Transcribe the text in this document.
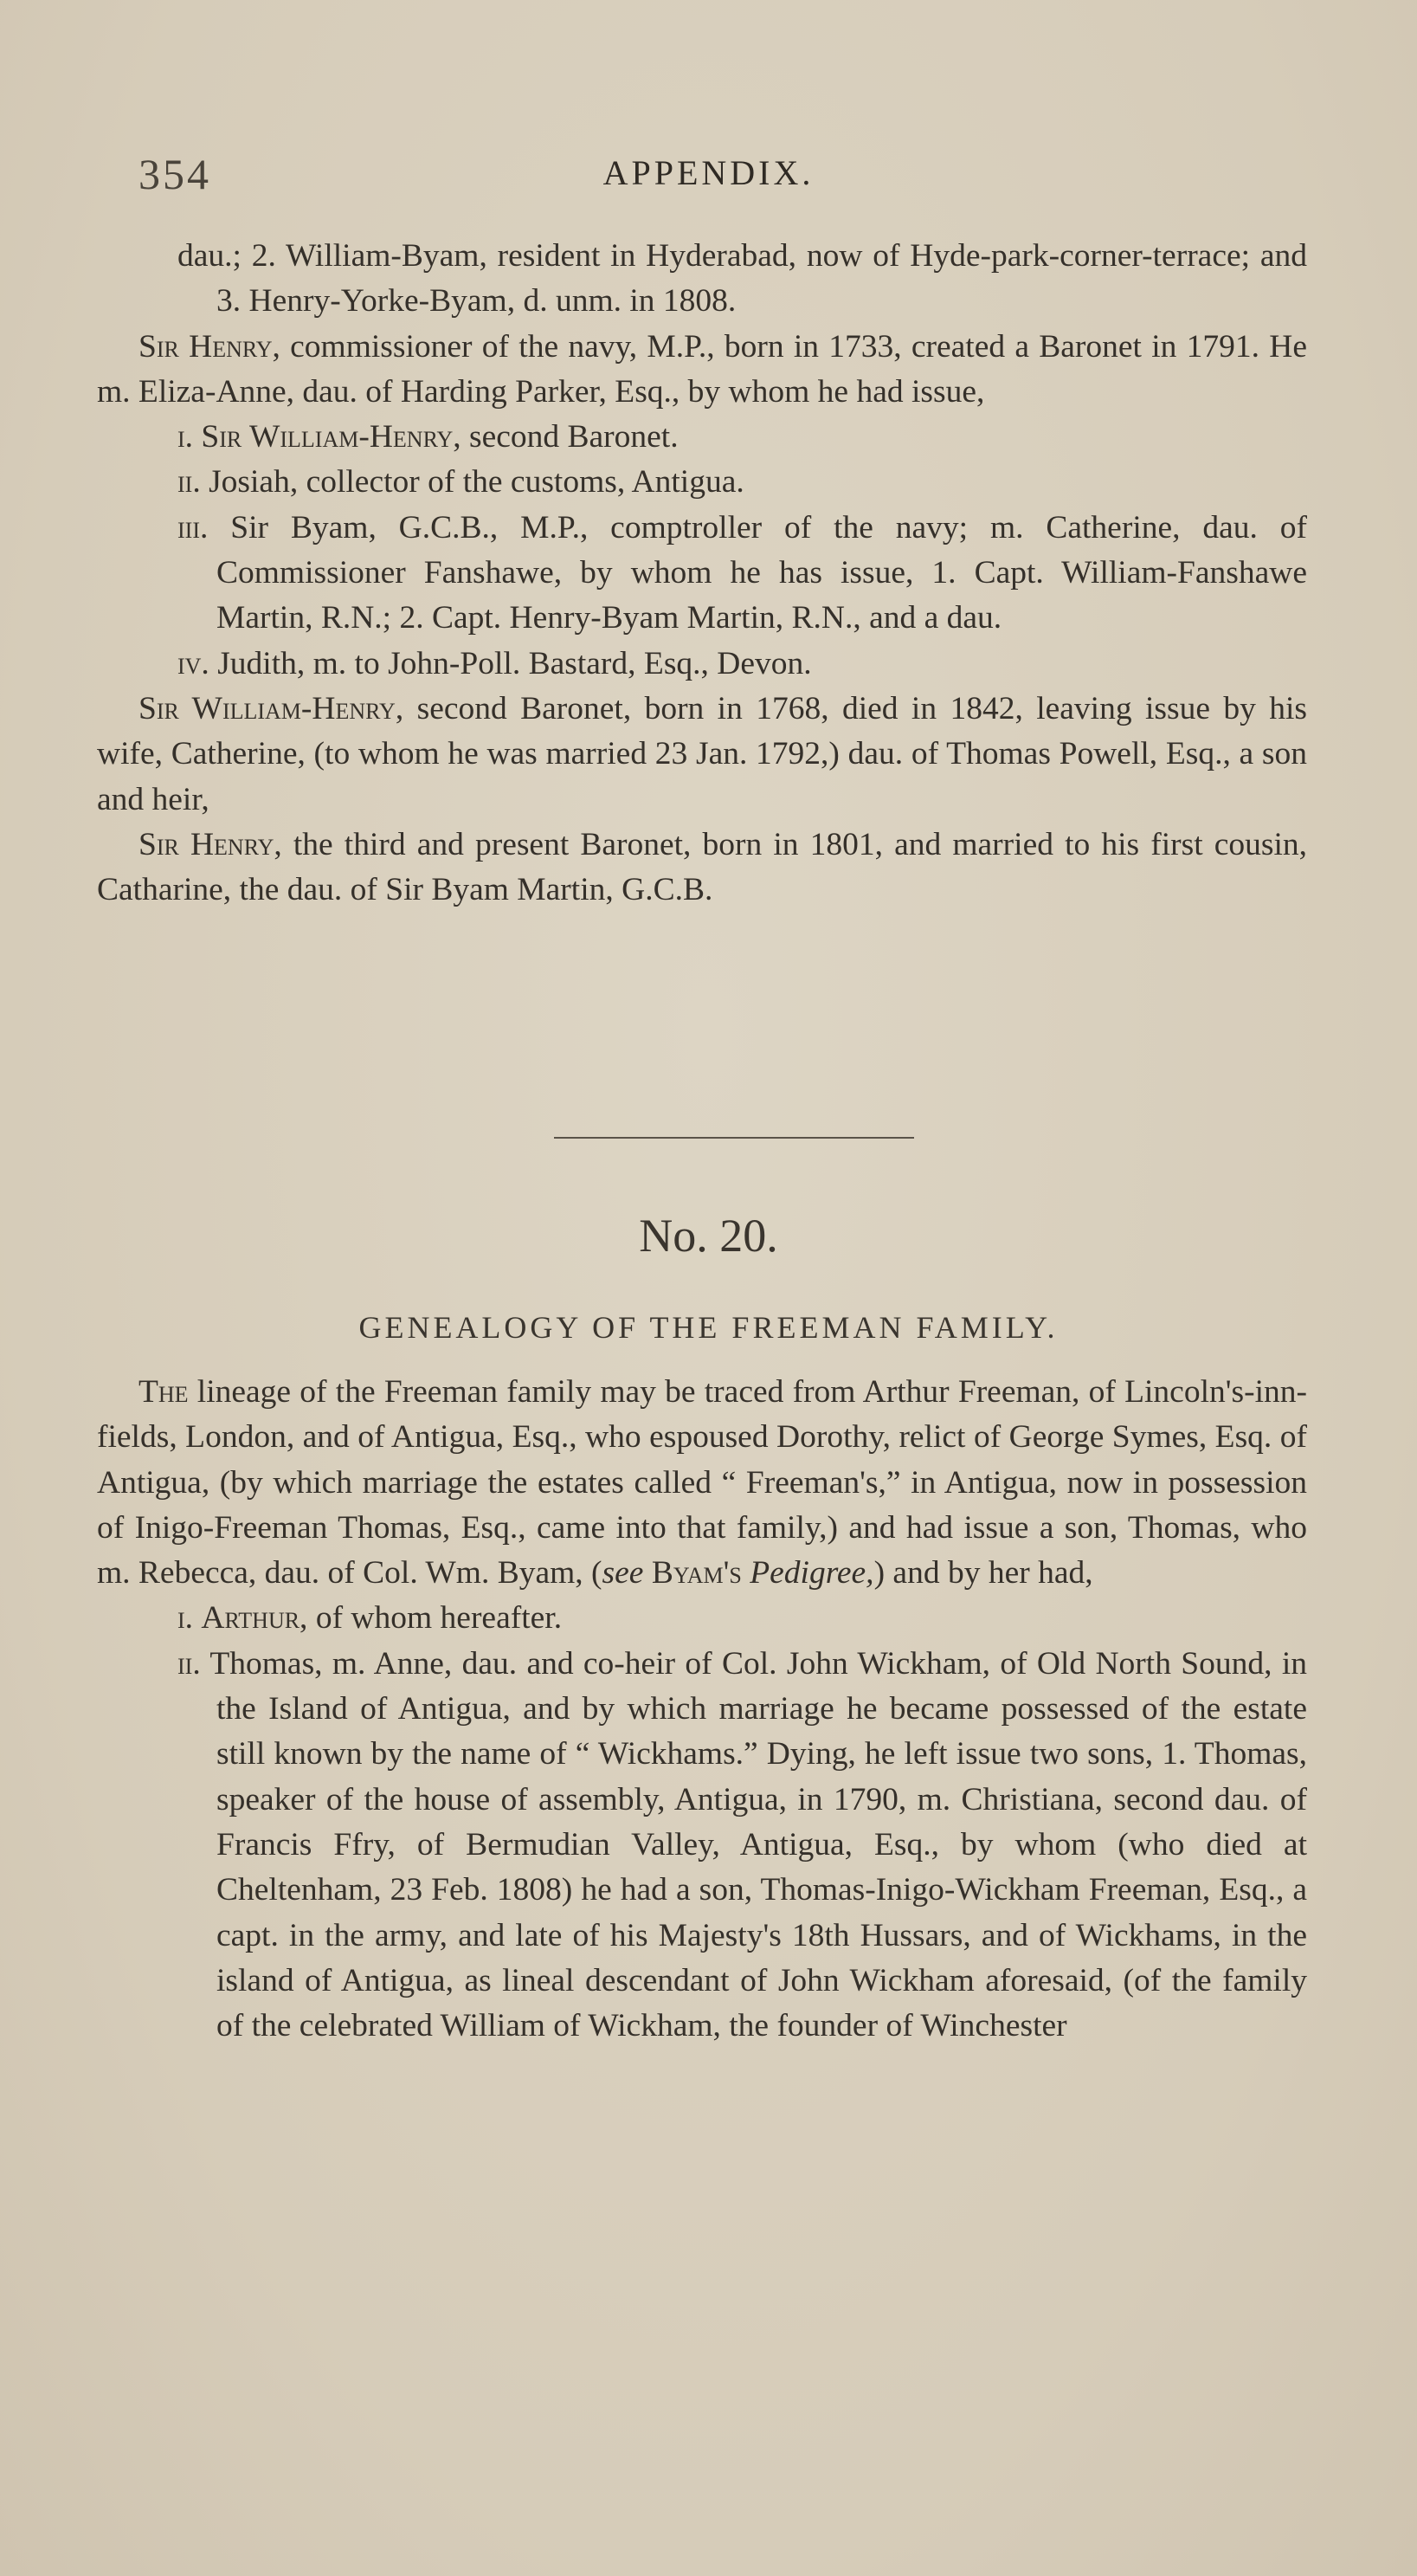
354	APPENDIX.

dau.; 2. William-Byam, resident in Hyderabad, now of Hyde-park-corner-terrace; and 3. Henry-Yorke-Byam, d. unm. in 1808.

Sir Henry, commissioner of the navy, M.P., born in 1733, created a Baronet in 1791. He m. Eliza-Anne, dau. of Harding Parker, Esq., by whom he had issue,

i. Sir William-Henry, second Baronet.

ii. Josiah, collector of the customs, Antigua.

iii. Sir Byam, G.C.B., M.P., comptroller of the navy; m. Catherine, dau. of Commissioner Fanshawe, by whom he has issue, 1. Capt. William-Fanshawe Martin, R.N.; 2. Capt. Henry-Byam Martin, R.N., and a dau.

iv. Judith, m. to John-Poll. Bastard, Esq., Devon.

Sir William-Henry, second Baronet, born in 1768, died in 1842, leaving issue by his wife, Catherine, (to whom he was married 23 Jan. 1792,) dau. of Thomas Powell, Esq., a son and heir,

Sir Henry, the third and present Baronet, born in 1801, and married to his first cousin, Catharine, the dau. of Sir Byam Martin, G.C.B.

No. 20.
GENEALOGY OF THE FREEMAN FAMILY.

The lineage of the Freeman family may be traced from Arthur Freeman, of Lincoln's-inn-fields, London, and of Antigua, Esq., who espoused Dorothy, relict of George Symes, Esq. of Antigua, (by which marriage the estates called “ Freeman's,” in Antigua, now in possession of Inigo-Freeman Thomas, Esq., came into that family,) and had issue a son, Thomas, who m. Rebecca, dau. of Col. Wm. Byam, (see Byam's Pedigree,) and by her had,

i. Arthur, of whom hereafter.

ii. Thomas, m. Anne, dau. and co-heir of Col. John Wickham, of Old North Sound, in the Island of Antigua, and by which marriage he became possessed of the estate still known by the name of “ Wickhams.” Dying, he left issue two sons, 1. Thomas, speaker of the house of assembly, Antigua, in 1790, m. Christiana, second dau. of Francis Ffry, of Bermudian Valley, Antigua, Esq., by whom (who died at Cheltenham, 23 Feb. 1808) he had a son, Thomas-Inigo-Wickham Freeman, Esq., a capt. in the army, and late of his Majesty's 18th Hussars, and of Wickhams, in the island of Antigua, as lineal descendant of John Wickham aforesaid, (of the family of the celebrated William of Wickham, the founder of Winchester
